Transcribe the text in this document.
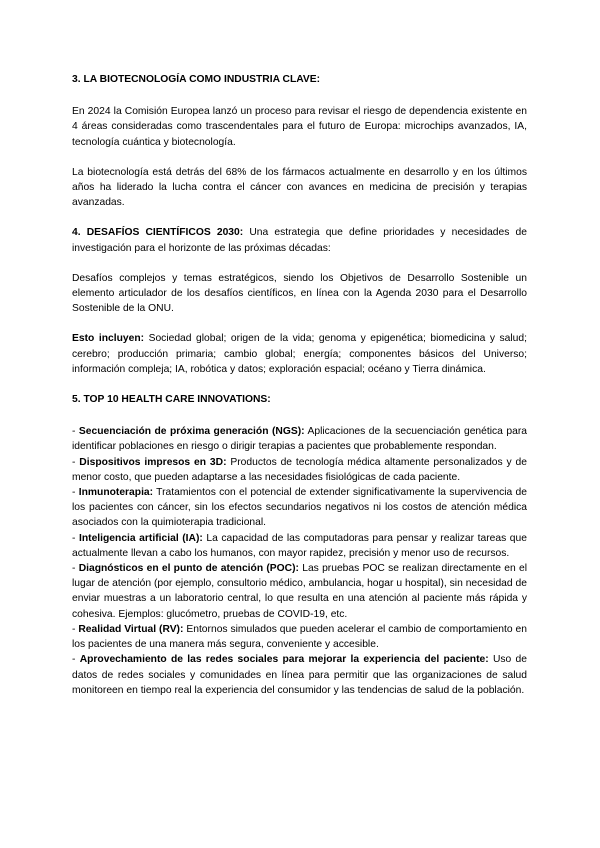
3. LA BIOTECNOLOGÍA COMO INDUSTRIA CLAVE:

En 2024 la Comisión Europea lanzó un proceso para revisar el riesgo de dependencia existente en 4 áreas consideradas como trascendentales para el futuro de Europa: microchips avanzados, IA, tecnología cuántica y biotecnología.

La biotecnología está detrás del 68% de los fármacos actualmente en desarrollo y en los últimos años ha liderado la lucha contra el cáncer con avances en medicina de precisión y terapias avanzadas.

4. DESAFÍOS CIENTÍFICOS 2030: Una estrategia que define prioridades y necesidades de investigación para el horizonte de las próximas décadas:

Desafíos complejos y temas estratégicos, siendo los Objetivos de Desarrollo Sostenible un elemento articulador de los desafíos científicos, en línea con la Agenda 2030 para el Desarrollo Sostenible de la ONU.

Esto incluyen: Sociedad global; origen de la vida; genoma y epigenética; biomedicina y salud; cerebro; producción primaria; cambio global; energía; componentes básicos del Universo; información compleja; IA, robótica y datos; exploración espacial; océano y Tierra dinámica.

5. TOP 10 HEALTH CARE INNOVATIONS:

- Secuenciación de próxima generación (NGS): Aplicaciones de la secuenciación genética para identificar poblaciones en riesgo o dirigir terapias a pacientes que probablemente respondan.

- Dispositivos impresos en 3D: Productos de tecnología médica altamente personalizados y de menor costo, que pueden adaptarse a las necesidades fisiológicas de cada paciente.

- Inmunoterapia: Tratamientos con el potencial de extender significativamente la supervivencia de los pacientes con cáncer, sin los efectos secundarios negativos ni los costos de atención médica asociados con la quimioterapia tradicional.

- Inteligencia artificial (IA): La capacidad de las computadoras para pensar y realizar tareas que actualmente llevan a cabo los humanos, con mayor rapidez, precisión y menor uso de recursos.

- Diagnósticos en el punto de atención (POC): Las pruebas POC se realizan directamente en el lugar de atención (por ejemplo, consultorio médico, ambulancia, hogar u hospital), sin necesidad de enviar muestras a un laboratorio central, lo que resulta en una atención al paciente más rápida y cohesiva. Ejemplos: glucómetro, pruebas de COVID-19, etc.

- Realidad Virtual (RV): Entornos simulados que pueden acelerar el cambio de comportamiento en los pacientes de una manera más segura, conveniente y accesible.

- Aprovechamiento de las redes sociales para mejorar la experiencia del paciente: Uso de datos de redes sociales y comunidades en línea para permitir que las organizaciones de salud monitoreen en tiempo real la experiencia del consumidor y las tendencias de salud de la población.
